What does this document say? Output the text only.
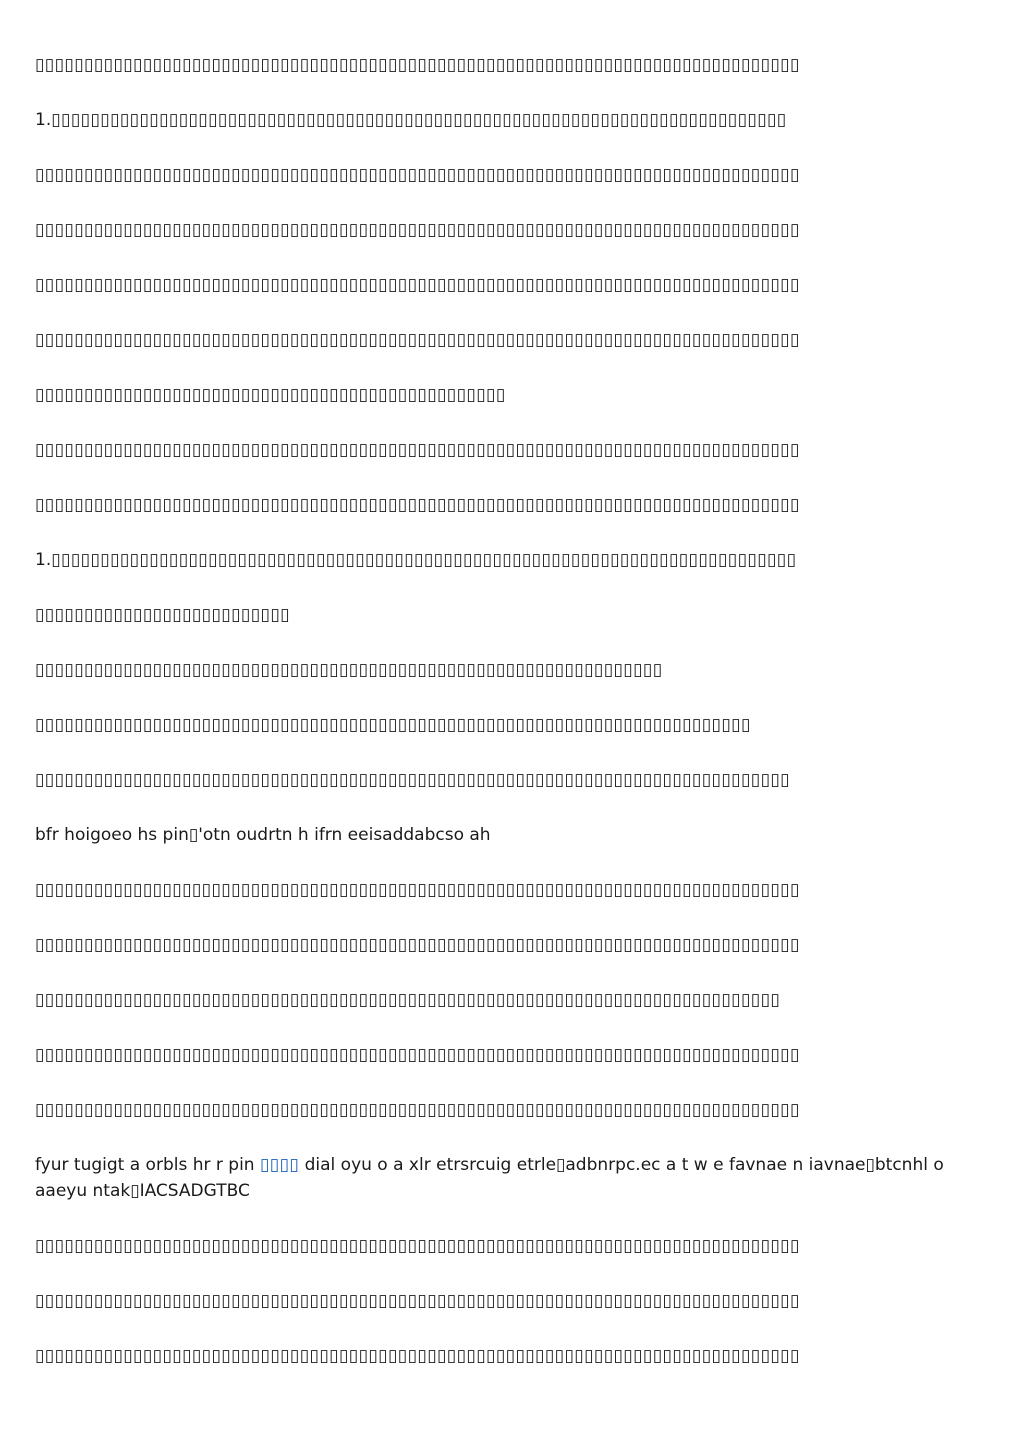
▯▯▯▯▯▯▯▯▯▯▯▯▯▯▯▯▯▯▯▯▯▯▯▯▯▯▯▯▯▯▯▯▯▯▯▯▯▯▯▯▯▯▯▯▯▯▯▯▯▯▯▯▯▯▯▯▯▯▯▯▯▯▯▯▯▯▯▯▯▯▯▯▯▯▯▯▯▯

1.▯▯▯▯▯▯▯▯▯▯▯▯▯▯▯▯▯▯▯▯▯▯▯▯▯▯▯▯▯▯▯▯▯▯▯▯▯▯▯▯▯▯▯▯▯▯▯▯▯▯▯▯▯▯▯▯▯▯▯▯▯▯▯▯▯▯▯▯▯▯▯▯▯▯▯

▯▯▯▯▯▯▯▯▯▯▯▯▯▯▯▯▯▯▯▯▯▯▯▯▯▯▯▯▯▯▯▯▯▯▯▯▯▯▯▯▯▯▯▯▯▯▯▯▯▯▯▯▯▯▯▯▯▯▯▯▯▯▯▯▯▯▯▯▯▯▯▯▯▯▯▯▯▯

▯▯▯▯▯▯▯▯▯▯▯▯▯▯▯▯▯▯▯▯▯▯▯▯▯▯▯▯▯▯▯▯▯▯▯▯▯▯▯▯▯▯▯▯▯▯▯▯▯▯▯▯▯▯▯▯▯▯▯▯▯▯▯▯▯▯▯▯▯▯▯▯▯▯▯▯▯▯

▯▯▯▯▯▯▯▯▯▯▯▯▯▯▯▯▯▯▯▯▯▯▯▯▯▯▯▯▯▯▯▯▯▯▯▯▯▯▯▯▯▯▯▯▯▯▯▯▯▯▯▯▯▯▯▯▯▯▯▯▯▯▯▯▯▯▯▯▯▯▯▯▯▯▯▯▯▯

▯▯▯▯▯▯▯▯▯▯▯▯▯▯▯▯▯▯▯▯▯▯▯▯▯▯▯▯▯▯▯▯▯▯▯▯▯▯▯▯▯▯▯▯▯▯▯▯▯▯▯▯▯▯▯▯▯▯▯▯▯▯▯▯▯▯▯▯▯▯▯▯▯▯▯▯▯▯

▯▯▯▯▯▯▯▯▯▯▯▯▯▯▯▯▯▯▯▯▯▯▯▯▯▯▯▯▯▯▯▯▯▯▯▯▯▯▯▯▯▯▯▯▯▯▯▯

▯▯▯▯▯▯▯▯▯▯▯▯▯▯▯▯▯▯▯▯▯▯▯▯▯▯▯▯▯▯▯▯▯▯▯▯▯▯▯▯▯▯▯▯▯▯▯▯▯▯▯▯▯▯▯▯▯▯▯▯▯▯▯▯▯▯▯▯▯▯▯▯▯▯▯▯▯▯

▯▯▯▯▯▯▯▯▯▯▯▯▯▯▯▯▯▯▯▯▯▯▯▯▯▯▯▯▯▯▯▯▯▯▯▯▯▯▯▯▯▯▯▯▯▯▯▯▯▯▯▯▯▯▯▯▯▯▯▯▯▯▯▯▯▯▯▯▯▯▯▯▯▯▯▯▯▯

1.▯▯▯▯▯▯▯▯▯▯▯▯▯▯▯▯▯▯▯▯▯▯▯▯▯▯▯▯▯▯▯▯▯▯▯▯▯▯▯▯▯▯▯▯▯▯▯▯▯▯▯▯▯▯▯▯▯▯▯▯▯▯▯▯▯▯▯▯▯▯▯▯▯▯▯▯

▯▯▯▯▯▯▯▯▯▯▯▯▯▯▯▯▯▯▯▯▯▯▯▯▯▯

▯▯▯▯▯▯▯▯▯▯▯▯▯▯▯▯▯▯▯▯▯▯▯▯▯▯▯▯▯▯▯▯▯▯▯▯▯▯▯▯▯▯▯▯▯▯▯▯▯▯▯▯▯▯▯▯▯▯▯▯▯▯▯▯

▯▯▯▯▯▯▯▯▯▯▯▯▯▯▯▯▯▯▯▯▯▯▯▯▯▯▯▯▯▯▯▯▯▯▯▯▯▯▯▯▯▯▯▯▯▯▯▯▯▯▯▯▯▯▯▯▯▯▯▯▯▯▯▯▯▯▯▯▯▯▯▯▯

▯▯▯▯▯▯▯▯▯▯▯▯▯▯▯▯▯▯▯▯▯▯▯▯▯▯▯▯▯▯▯▯▯▯▯▯▯▯▯▯▯▯▯▯▯▯▯▯▯▯▯▯▯▯▯▯▯▯▯▯▯▯▯▯▯▯▯▯▯▯▯▯▯▯▯▯▯

bfr hoigoeo hs pin▯'otn oudrtn h ifrn eeisaddabcso ah

▯▯▯▯▯▯▯▯▯▯▯▯▯▯▯▯▯▯▯▯▯▯▯▯▯▯▯▯▯▯▯▯▯▯▯▯▯▯▯▯▯▯▯▯▯▯▯▯▯▯▯▯▯▯▯▯▯▯▯▯▯▯▯▯▯▯▯▯▯▯▯▯▯▯▯▯▯▯

▯▯▯▯▯▯▯▯▯▯▯▯▯▯▯▯▯▯▯▯▯▯▯▯▯▯▯▯▯▯▯▯▯▯▯▯▯▯▯▯▯▯▯▯▯▯▯▯▯▯▯▯▯▯▯▯▯▯▯▯▯▯▯▯▯▯▯▯▯▯▯▯▯▯▯▯▯▯

▯▯▯▯▯▯▯▯▯▯▯▯▯▯▯▯▯▯▯▯▯▯▯▯▯▯▯▯▯▯▯▯▯▯▯▯▯▯▯▯▯▯▯▯▯▯▯▯▯▯▯▯▯▯▯▯▯▯▯▯▯▯▯▯▯▯▯▯▯▯▯▯▯▯▯▯

▯▯▯▯▯▯▯▯▯▯▯▯▯▯▯▯▯▯▯▯▯▯▯▯▯▯▯▯▯▯▯▯▯▯▯▯▯▯▯▯▯▯▯▯▯▯▯▯▯▯▯▯▯▯▯▯▯▯▯▯▯▯▯▯▯▯▯▯▯▯▯▯▯▯▯▯▯▯

▯▯▯▯▯▯▯▯▯▯▯▯▯▯▯▯▯▯▯▯▯▯▯▯▯▯▯▯▯▯▯▯▯▯▯▯▯▯▯▯▯▯▯▯▯▯▯▯▯▯▯▯▯▯▯▯▯▯▯▯▯▯▯▯▯▯▯▯▯▯▯▯▯▯▯▯▯▯

fyur tugigt a orbls hr r pin ▯▯▯▯ dial oyu o a xlr etrsrcuig etrle▯adbnrpc.ec a t w e favnae n iavnae▯btcnhl o aaeyu ntak▯IACSADGTBC

▯▯▯▯▯▯▯▯▯▯▯▯▯▯▯▯▯▯▯▯▯▯▯▯▯▯▯▯▯▯▯▯▯▯▯▯▯▯▯▯▯▯▯▯▯▯▯▯▯▯▯▯▯▯▯▯▯▯▯▯▯▯▯▯▯▯▯▯▯▯▯▯▯▯▯▯▯▯

▯▯▯▯▯▯▯▯▯▯▯▯▯▯▯▯▯▯▯▯▯▯▯▯▯▯▯▯▯▯▯▯▯▯▯▯▯▯▯▯▯▯▯▯▯▯▯▯▯▯▯▯▯▯▯▯▯▯▯▯▯▯▯▯▯▯▯▯▯▯▯▯▯▯▯▯▯▯

▯▯▯▯▯▯▯▯▯▯▯▯▯▯▯▯▯▯▯▯▯▯▯▯▯▯▯▯▯▯▯▯▯▯▯▯▯▯▯▯▯▯▯▯▯▯▯▯▯▯▯▯▯▯▯▯▯▯▯▯▯▯▯▯▯▯▯▯▯▯▯▯▯▯▯▯▯▯
